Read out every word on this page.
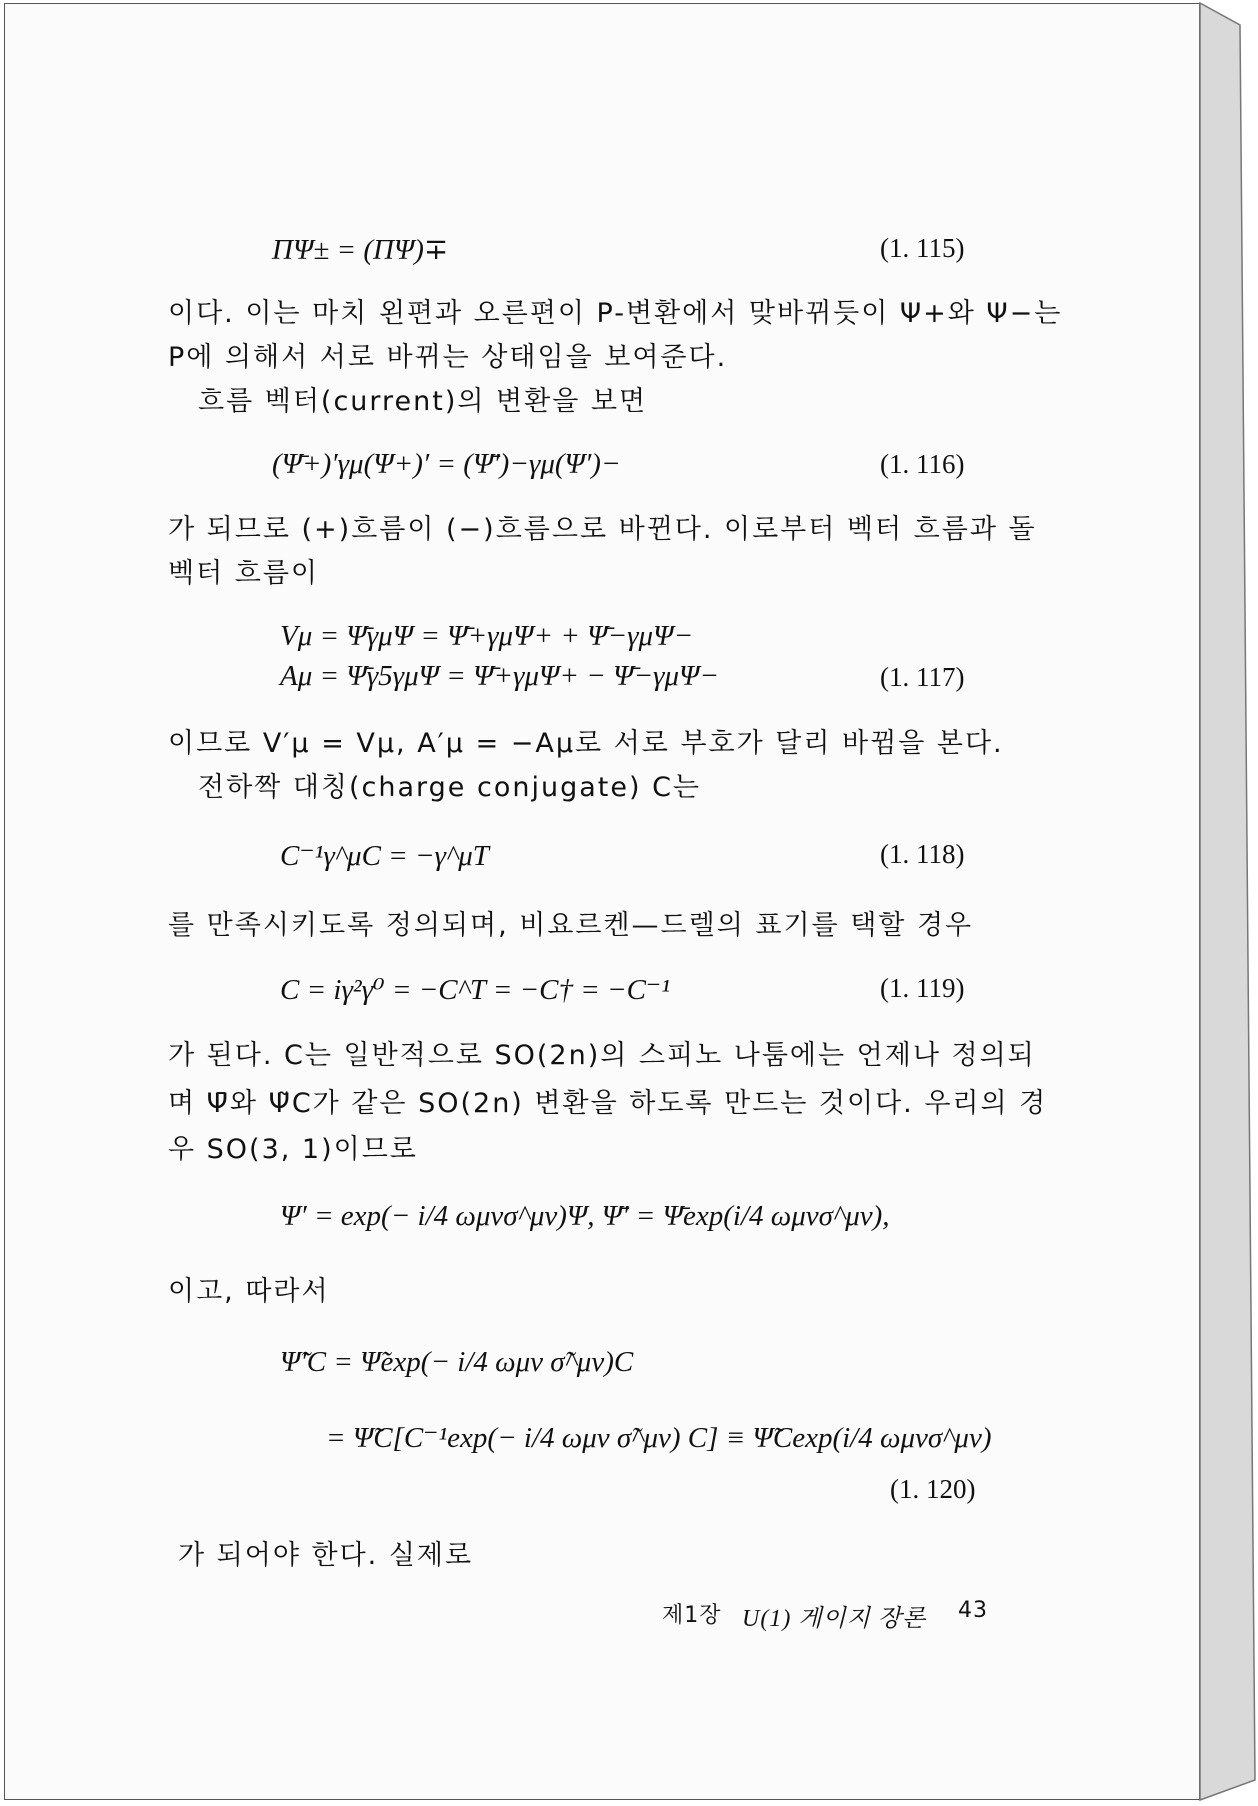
ΠΨ± = (ΠΨ)∓	(1. 115)
이다. 이는 마치 왼편과 오른편이 P-변환에서 맞바뀌듯이 Ψ+와 Ψ−는
P에 의해서 서로 바뀌는 상태임을 보여준다.
흐름 벡터(current)의 변환을 보면
(Ψ̄+)′γμ(Ψ+)′ = (Ψ̄′)−γμ(Ψ′)−	(1. 116)
가 되므로 (+)흐름이 (−)흐름으로 바뀐다. 이로부터 벡터 흐름과 돌
벡터 흐름이
Vμ = Ψ̄γμΨ = Ψ̄+γμΨ+ + Ψ̄−γμΨ−
Aμ = Ψ̄γ5γμΨ = Ψ̄+γμΨ+ − Ψ̄−γμΨ−	(1. 117)
이므로 V′μ = Vμ, A′μ = −Aμ로 서로 부호가 달리 바뀜을 본다.
전하짝 대칭(charge conjugate) C는
C⁻¹γ^μC = −γ^μT	(1. 118)
를 만족시키도록 정의되며, 비요르켄—드렐의 표기를 택할 경우
C = iγ²γ⁰ = −C^T = −C† = −C⁻¹	(1. 119)
가 된다. C는 일반적으로 SO(2n)의 스피노 나툼에는 언제나 정의되
며 Ψ̄와 Ψ̃C가 같은 SO(2n) 변환을 하도록 만드는 것이다. 우리의 경
우 SO(3, 1)이므로
Ψ′ = exp(− i/4 ωμνσ^μν)Ψ, Ψ̄′ = Ψ̄exp(i/4 ωμνσ^μν),
이고, 따라서
Ψ̃′C = Ψ̃exp(− i/4 ωμν σ̃^μν)C
= Ψ̃C[C⁻¹exp(− i/4 ωμν σ̃^μν) C] ≡ Ψ̃Cexp(i/4 ωμνσ^μν)
(1. 120)
가 되어야 한다. 실제로
제1장 U(1) 게이지 장론 43
